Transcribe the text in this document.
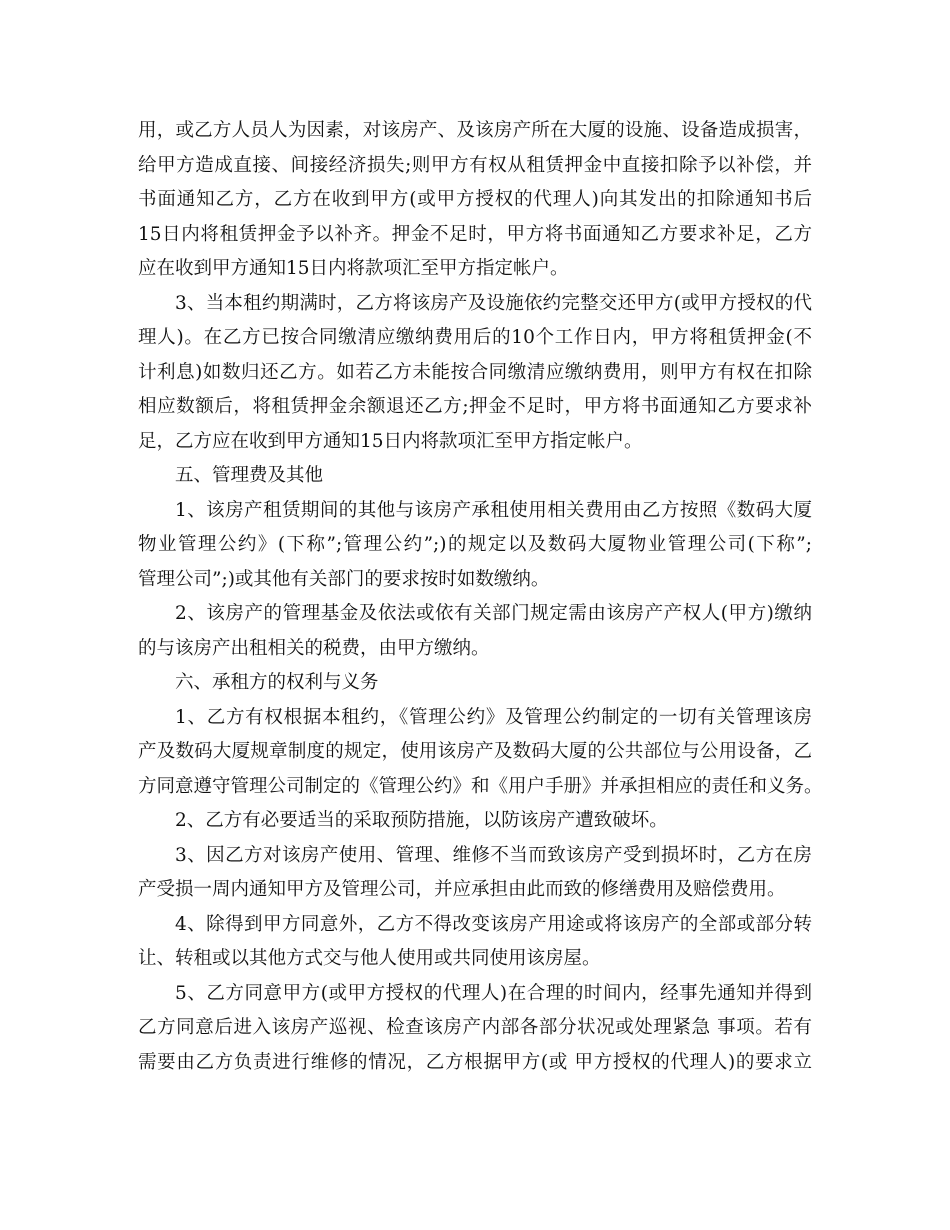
用，或乙方人员人为因素，对该房产、及该房产所在大厦的设施、设备造成损害，
给甲方造成直接、间接经济损失;则甲方有权从租赁押金中直接扣除予以补偿，并
书面通知乙方，乙方在收到甲方(或甲方授权的代理人)向其发出的扣除通知书后
15日内将租赁押金予以补齐。押金不足时，甲方将书面通知乙方要求补足，乙方
应在收到甲方通知15日内将款项汇至甲方指定帐户。
3、当本租约期满时，乙方将该房产及设施依约完整交还甲方(或甲方授权的代
理人)。在乙方已按合同缴清应缴纳费用后的10个工作日内，甲方将租赁押金(不
计利息)如数归还乙方。如若乙方未能按合同缴清应缴纳费用，则甲方有权在扣除
相应数额后，将租赁押金余额退还乙方;押金不足时，甲方将书面通知乙方要求补
足，乙方应在收到甲方通知15日内将款项汇至甲方指定帐户。
五、管理费及其他
1、该房产租赁期间的其他与该房产承租使用相关费用由乙方按照《数码大厦
物业管理公约》(下称”;管理公约”;)的规定以及数码大厦物业管理公司(下称”;
管理公司”;)或其他有关部门的要求按时如数缴纳。
2、该房产的管理基金及依法或依有关部门规定需由该房产产权人(甲方)缴纳
的与该房产出租相关的税费，由甲方缴纳。
六、承租方的权利与义务
1、乙方有权根据本租约，《管理公约》及管理公约制定的一切有关管理该房
产及数码大厦规章制度的规定，使用该房产及数码大厦的公共部位与公用设备，乙
方同意遵守管理公司制定的《管理公约》和《用户手册》并承担相应的责任和义务。
2、乙方有必要适当的采取预防措施，以防该房产遭致破坏。
3、因乙方对该房产使用、管理、维修不当而致该房产受到损坏时，乙方在房
产受损一周内通知甲方及管理公司，并应承担由此而致的修缮费用及赔偿费用。
4、除得到甲方同意外，乙方不得改变该房产用途或将该房产的全部或部分转
让、转租或以其他方式交与他人使用或共同使用该房屋。
5、乙方同意甲方(或甲方授权的代理人)在合理的时间内，经事先通知并得到
乙方同意后进入该房产巡视、检查该房产内部各部分状况或处理紧急 事项。若有
需要由乙方负责进行维修的情况，乙方根据甲方(或 甲方授权的代理人)的要求立
